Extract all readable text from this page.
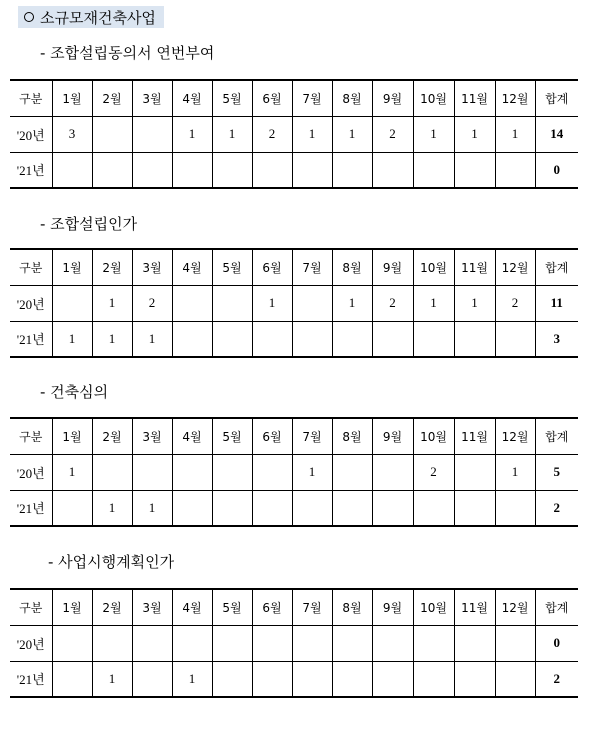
소규모재건축사업
- 조합설립동의서 연번부여
구분	1월	2월	3월	4월	5월	6월	7월	8월	9월	10월	11월	12월	합계
'20년	3			1	1	2	1	1	2	1	1	1	14
'21년													0
- 조합설립인가
구분	1월	2월	3월	4월	5월	6월	7월	8월	9월	10월	11월	12월	합계
'20년		1	2			1		1	2	1	1	2	11
'21년	1	1	1										3
- 건축심의
구분	1월	2월	3월	4월	5월	6월	7월	8월	9월	10월	11월	12월	합계
'20년	1						1			2		1	5
'21년		1	1										2
- 사업시행계획인가
구분	1월	2월	3월	4월	5월	6월	7월	8월	9월	10월	11월	12월	합계
'20년													0
'21년		1		1									2
